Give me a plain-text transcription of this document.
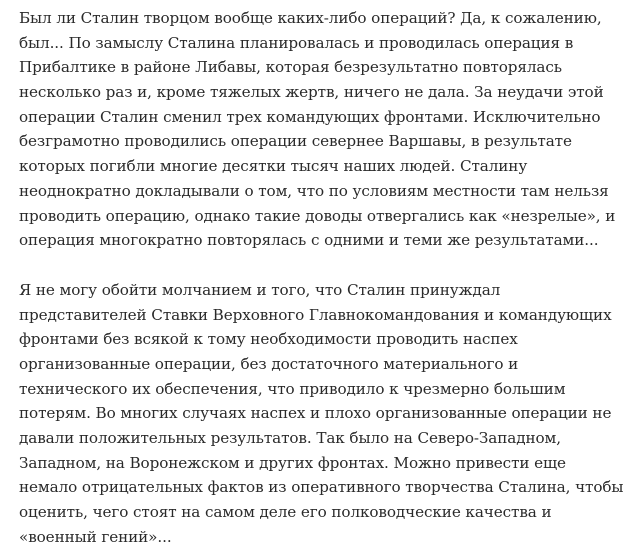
Был ли Сталин творцом вообще каких-либо операций? Да, к сожалению,
был... По замыслу Сталина планировалась и проводилась операция в
Прибалтике в районе Либавы, которая безрезультатно повторялась
несколько раз и, кроме тяжелых жертв, ничего не дала. За неудачи этой
операции Сталин сменил трех командующих фронтами. Исключительно
безграмотно проводились операции севернее Варшавы, в результате
которых погибли многие десятки тысяч наших людей. Сталину
неоднократно докладывали о том, что по условиям местности там нельзя
проводить операцию, однако такие доводы отвергались как «незрелые», и
операция многократно повторялась с одними и теми же результатами...
Я не могу обойти молчанием и того, что Сталин принуждал
представителей Ставки Верховного Главнокомандования и командующих
фронтами без всякой к тому необходимости проводить наспех
организованные операции, без достаточного материального и
технического их обеспечения, что приводило к чрезмерно большим
потерям. Во многих случаях наспех и плохо организованные операции не
давали положительных результатов. Так было на Северо-Западном,
Западном, на Воронежском и других фронтах. Можно привести еще
немало отрицательных фактов из оперативного творчества Сталина, чтобы
оценить, чего стоят на самом деле его полководческие качества и
«военный гений»...
